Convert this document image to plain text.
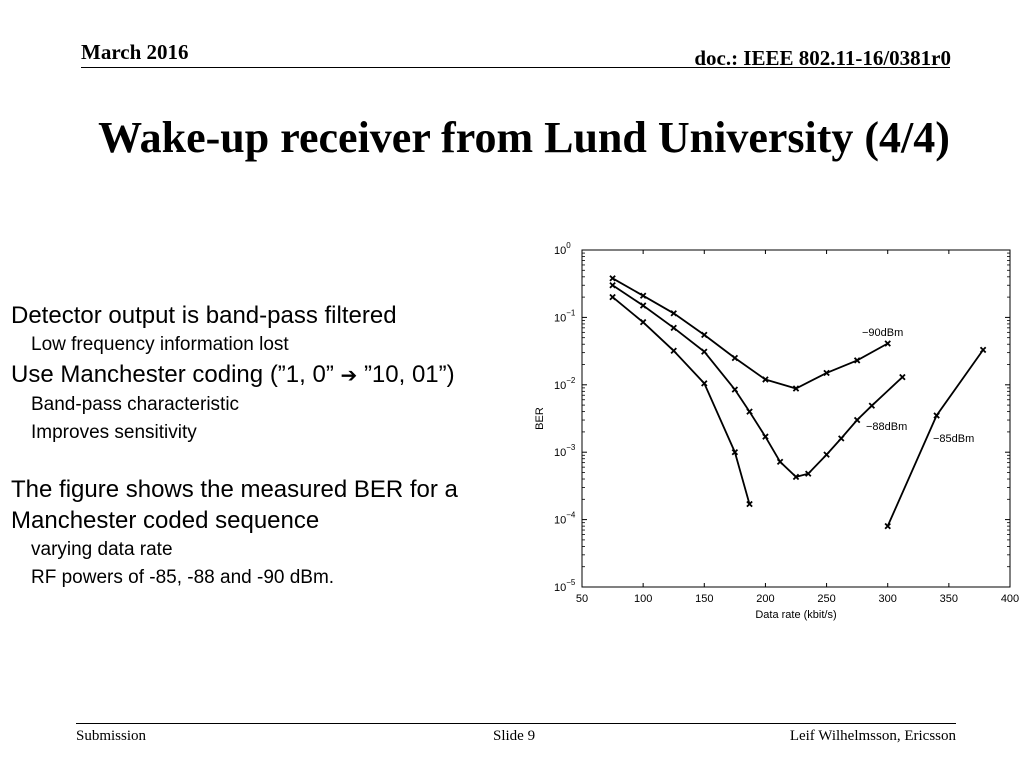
March 2016	doc.: IEEE 802.11-16/0381r0
Wake-up receiver from Lund University (4/4)
Detector output is band-pass filtered
Low frequency information lost
Use Manchester coding (”1, 0” ➔ ”10, 01”)
Band-pass characteristic
Improves sensitivity
The figure shows the measured BER for a
Manchester coded sequence
varying data rate
RF powers of -85, -88 and -90 dBm.
50	100	150	200	250	300	350	400
$10^0$
$10^{-1}$
$10^{-2}$
$10^{-3}$
$10^{-4}$
$10^{-5}$
Data rate (kbit/s)
BER
−90dBm
−88dBm
−85dBm
Submission	Slide 9	Leif Wilhelmsson, Ericsson
